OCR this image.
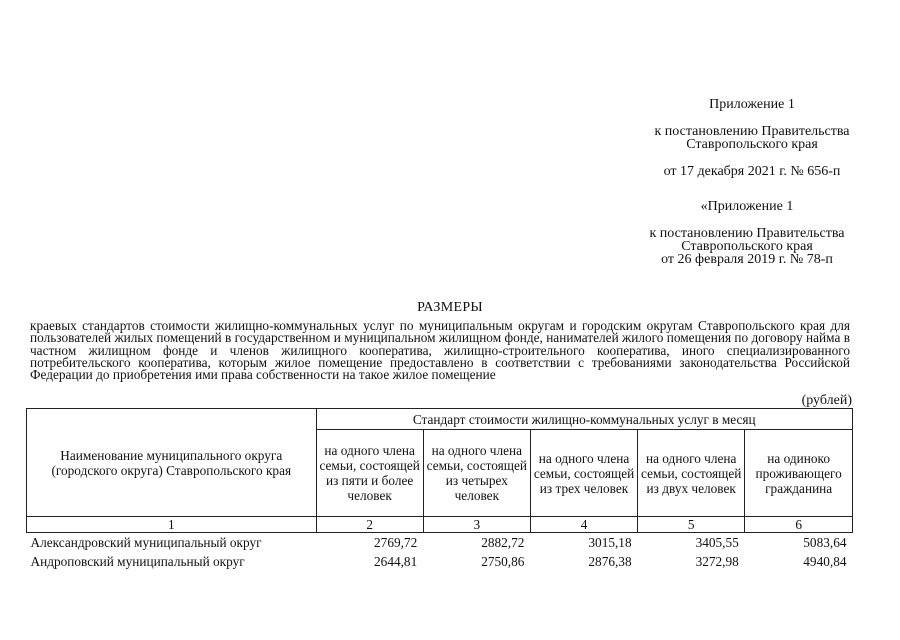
Приложение 1
к постановлению Правительства
Ставропольского края
от 17 декабря 2021 г. № 656-п
«Приложение 1
к постановлению Правительства
Ставропольского края
от 26 февраля 2019 г. № 78-п
РАЗМЕРЫ
краевых стандартов стоимости жилищно-коммунальных услуг по муниципальным округам и городским округам Ставропольского края для пользователей жилых помещений в государственном и муниципальном жилищном фонде, нанимателей жилого помещения по договору найма в частном жилищном фонде и членов жилищного кооператива, жилищно-строительного кооператива, иного специализированного потребительского кооператива, которым жилое помещение предоставлено в соответствии с требованиями законодательства Российской Федерации до приобретения ими права собственности на такое жилое помещение
(рублей)
Наименование муниципального округа (городского округа) Ставропольского края	Стандарт стоимости жилищно-коммунальных услуг в месяц				
	на одного члена семьи, состоящей из пяти и более человек	на одного члена семьи, состоящей из четырех человек	на одного члена семьи, состоящей из трех человек	на одного члена семьи, состоящей из двух человек	на одиноко проживающего гражданина
1	2	3	4	5	6
Александровский муниципальный округ	2769,72	2882,72	3015,18	3405,55	5083,64
Андроповский муниципальный округ	2644,81	2750,86	2876,38	3272,98	4940,84
